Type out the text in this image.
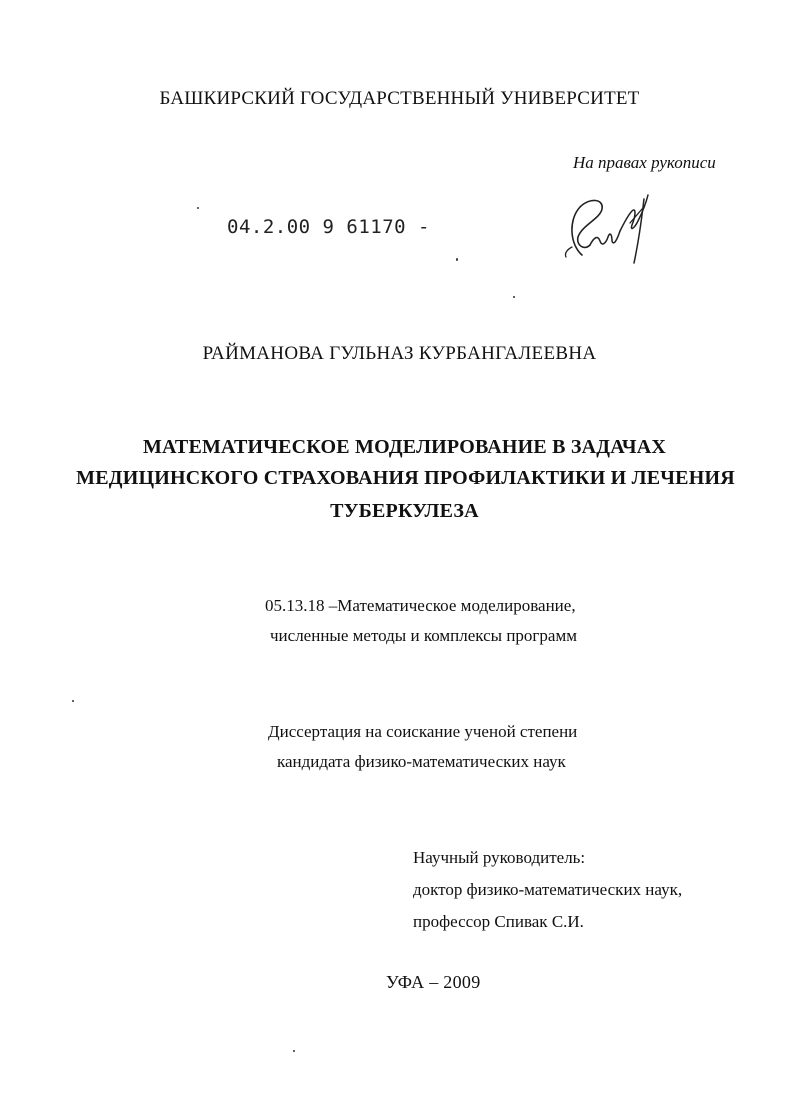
БАШКИРСКИЙ ГОСУДАРСТВЕННЫЙ УНИВЕРСИТЕТ
На правах рукописи
04.2.00 9 61170 -
РАЙМАНОВА ГУЛЬНАЗ КУРБАНГАЛЕЕВНА
МАТЕМАТИЧЕСКОЕ МОДЕЛИРОВАНИЕ В ЗАДАЧАХ
МЕДИЦИНСКОГО СТРАХОВАНИЯ ПРОФИЛАКТИКИ И ЛЕЧЕНИЯ
ТУБЕРКУЛЕЗА
05.13.18 –Математическое моделирование,
численные методы и комплексы программ
Диссертация на соискание ученой степени
кандидата физико-математических наук
Научный руководитель:
доктор физико-математических наук,
профессор Спивак С.И.
УФА – 2009
